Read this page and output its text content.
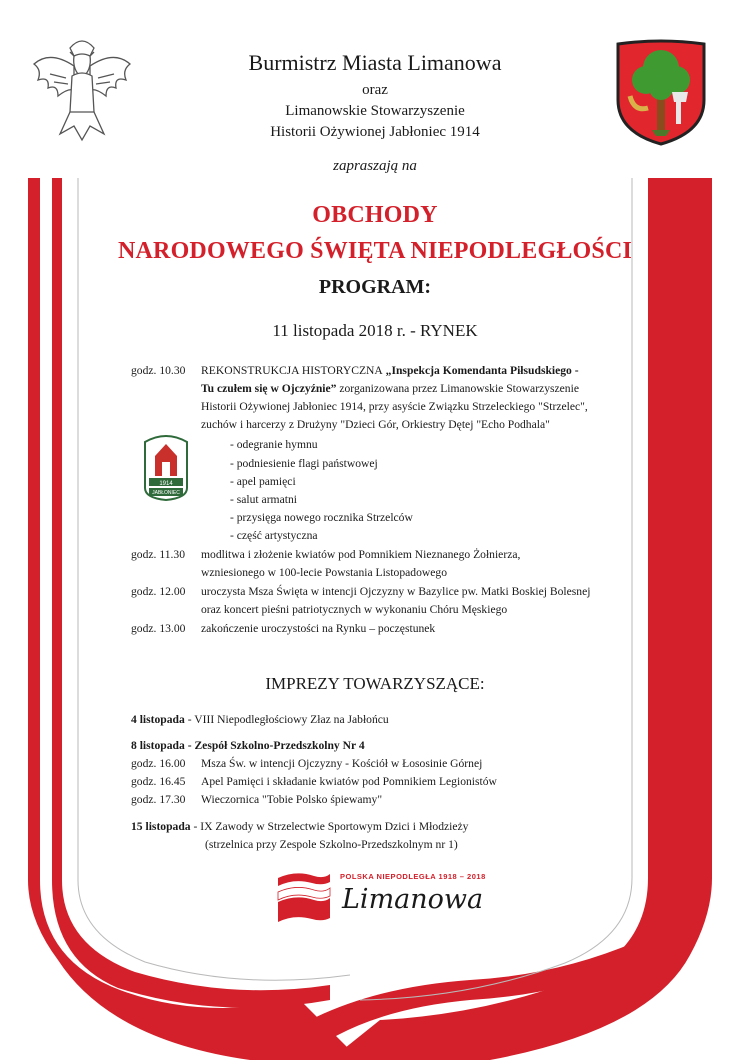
Burmistrz Miasta Limanowa
oraz
Limanowskie Stowarzyszenie
Historii Ożywionej Jabłoniec 1914
zapraszają na
OBCHODY
NARODOWEGO ŚWIĘTA NIEPODLEGŁOŚCI
PROGRAM:
11 listopada 2018 r. - RYNEK
godz. 10.30 REKONSTRUKCJA HISTORYCZNA „Inspekcja Komendanta Piłsudskiego -
Tu czułem się w Ojczyźnie” zorganizowana przez Limanowskie Stowarzyszenie
Historii Ożywionej Jabłoniec 1914, przy asyście Związku Strzeleckiego "Strzelec",
zuchów i harcerzy z Drużyny "Dzieci Gór, Orkiestry Dętej "Echo Podhala"
- odegranie hymnu
- podniesienie flagi państwowej
- apel pamięci
- salut armatni
- przysięga nowego rocznika Strzelców
- część artystyczna
1914
JABŁONIEC
godz. 11.30 modlitwa i złożenie kwiatów pod Pomnikiem Nieznanego Żołnierza,
wzniesionego w 100-lecie Powstania Listopadowego
godz. 12.00 uroczysta Msza Święta w intencji Ojczyzny w Bazylice pw. Matki Boskiej Bolesnej
oraz koncert pieśni patriotycznych w wykonaniu Chóru Męskiego
godz. 13.00 zakończenie uroczystości na Rynku – poczęstunek
IMPREZY TOWARZYSZĄCE:
4 listopada - VIII Niepodległościowy Złaz na Jabłońcu
8 listopada - Zespół Szkolno-Przedszkolny Nr 4
godz. 16.00 Msza Św. w intencji Ojczyzny - Kościół w Łososinie Górnej
godz. 16.45 Apel Pamięci i składanie kwiatów pod Pomnikiem Legionistów
godz. 17.30 Wieczornica "Tobie Polsko śpiewamy"
15 listopada - IX Zawody w Strzelectwie Sportowym Dzici i Młodzieży
(strzelnica przy Zespole Szkolno-Przedszkolnym nr 1)
POLSKA NIEPODLEGŁA 1918 – 2018
Limanowa
